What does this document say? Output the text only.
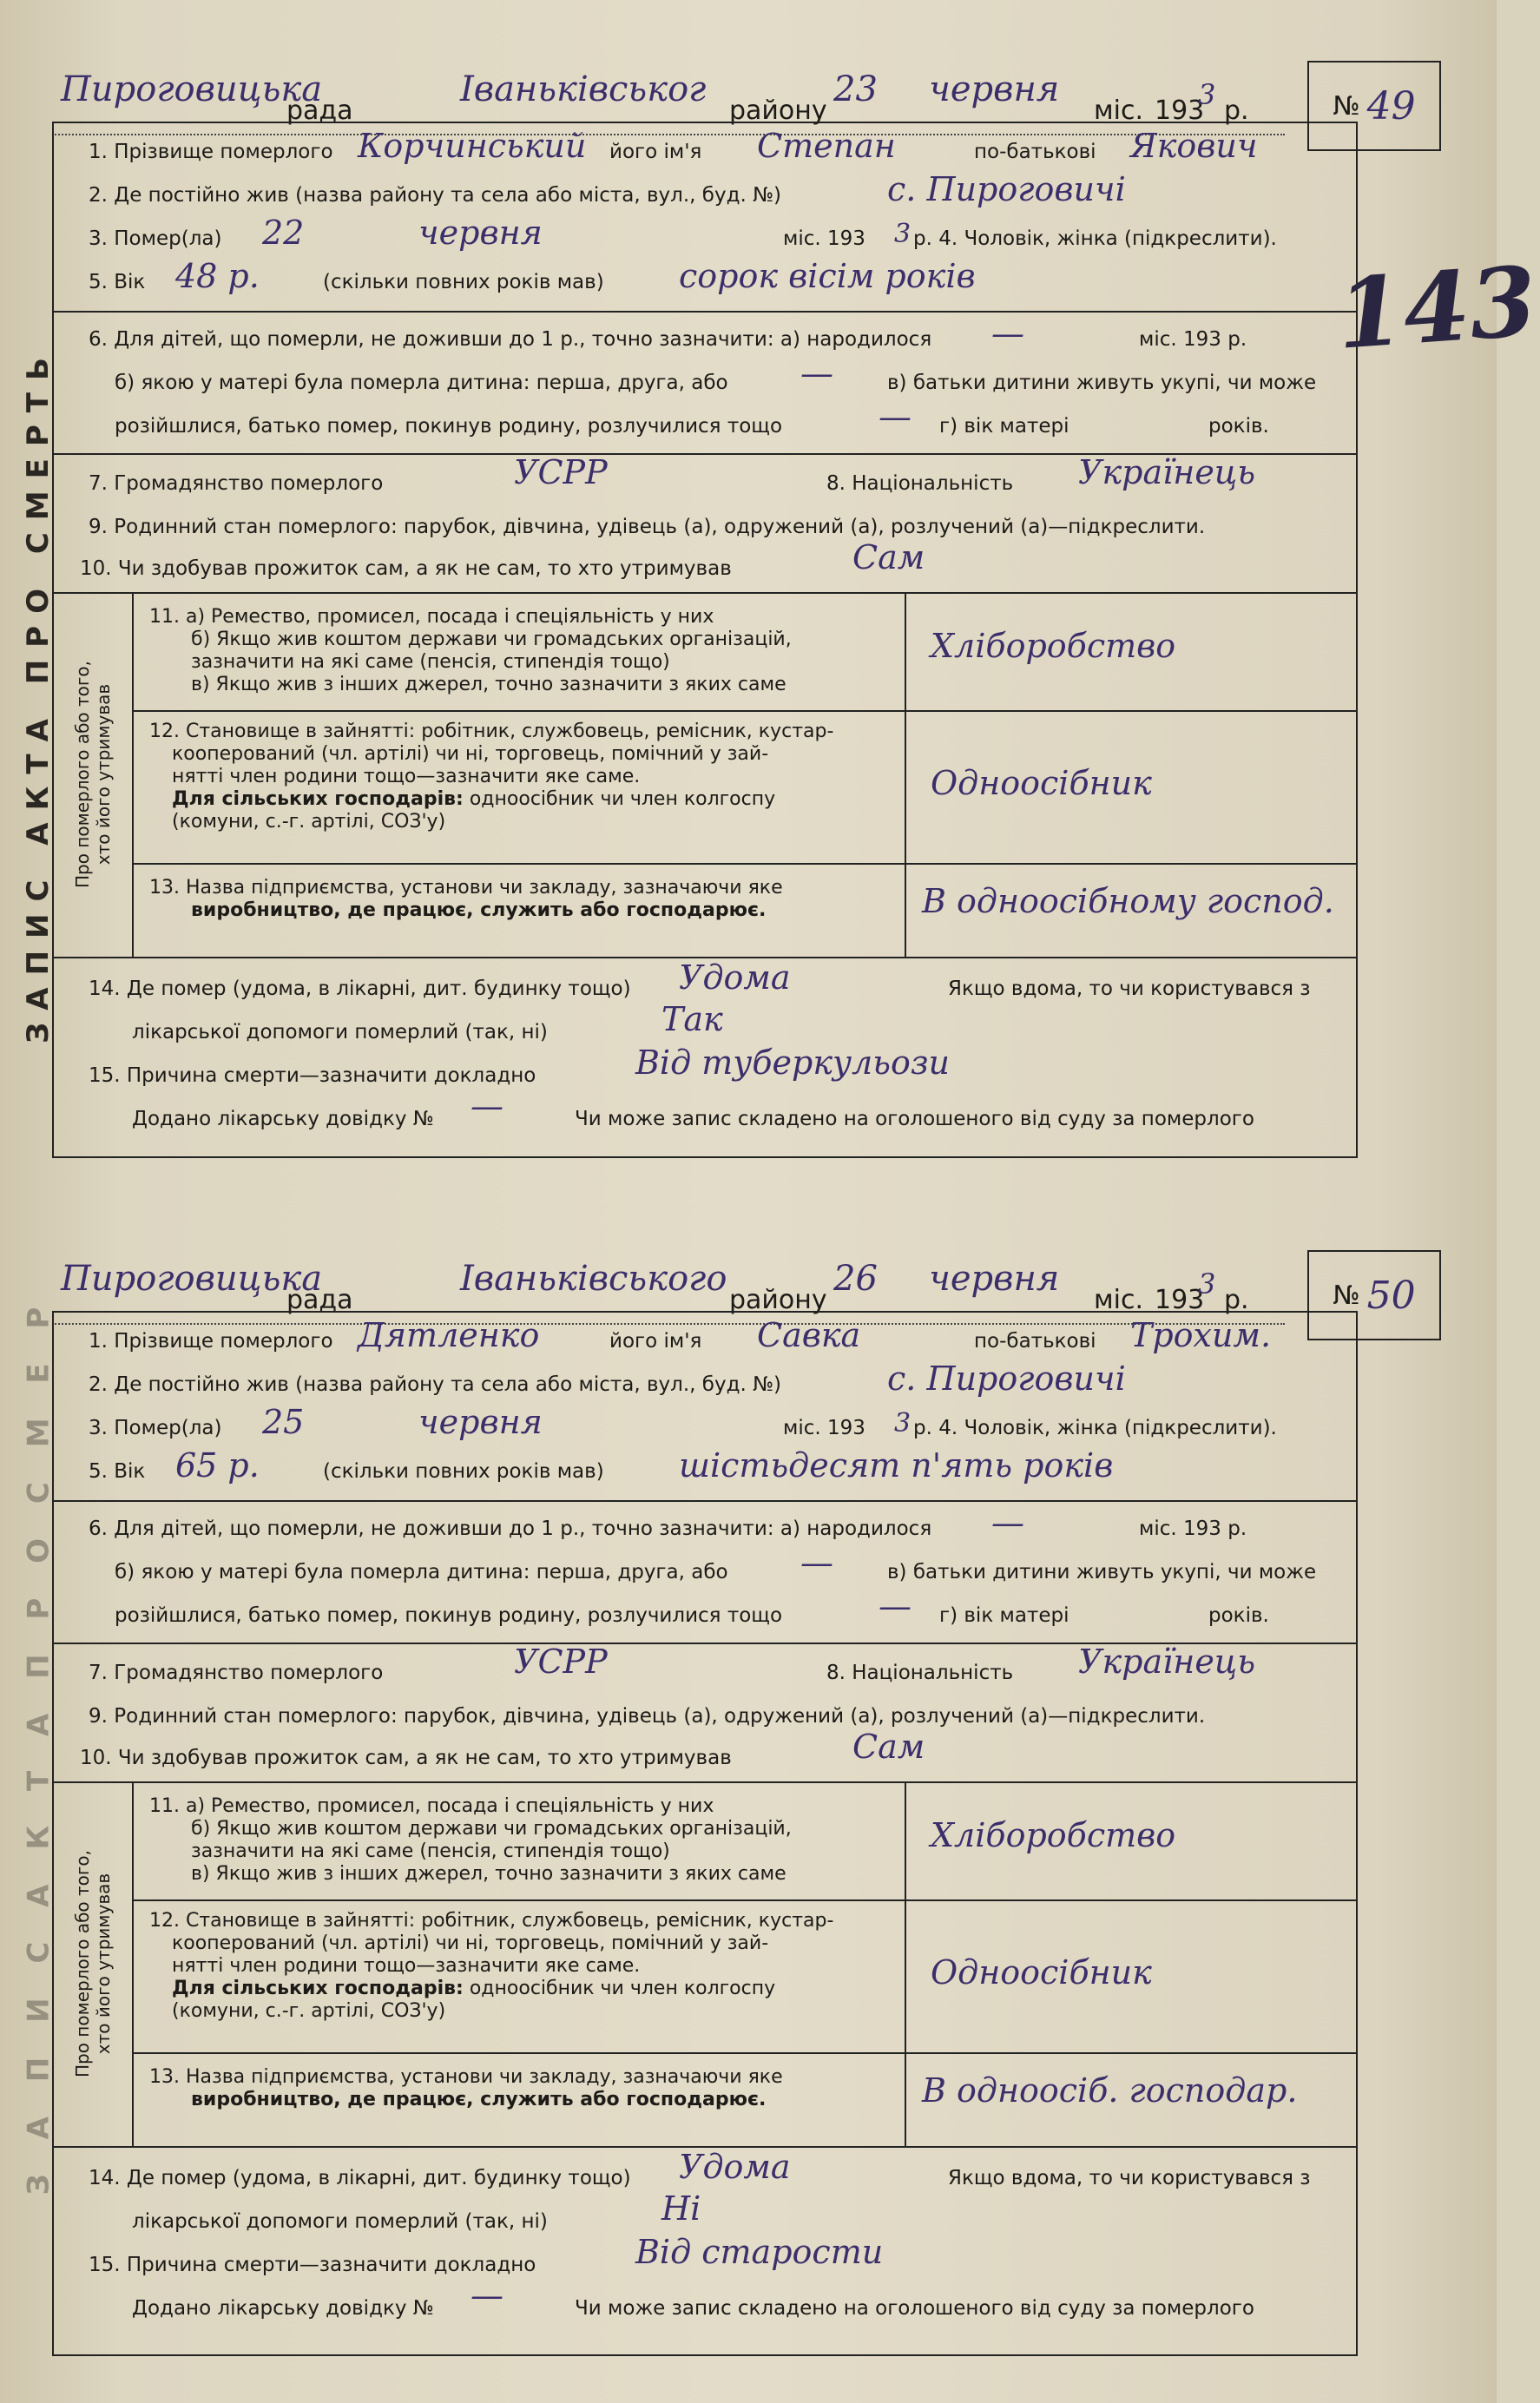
ЗАПИС АКТА ПРО СМЕРТЬ
З А П И С А К Т А П Р О С М Е Р
Пироговицька
рада
Іваньківськог
району
23 червня
міс. 193
3 р.	№ 49
1. Прізвище померлого Корчинський його ім'я Степан	по-батькові Якович
2. Де постійно жив (назва району та села або міста, вул., буд. №)	с. Пироговичі
3. Помер(ла) 22	червня	міс. 193 3 р. 4. Чоловік, жінка (підкреслити).
5. Вік 48 р.	(скільки повних років мав) сорок вісім років
6. Для дітей, що померли, не доживши до 1 р., точно зазначити: а) народилося —	міс. 193 р.
б) якою у матері була померла дитина: перша, друга, або —	в) батьки дитини живуть укупі, чи може
розійшлися, батько помер, покинув родину, розлучилися тощо	— г) вік матері	років.
7. Громадянство померлого	УСРР	8. Національність Українець
9. Родинний стан померлого: парубок, дівчина, удівець (а), одружений (а), розлучений (а)—підкреслити.
10. Чи здобував прожиток сам, а як не сам, то хто утримував	Сам
Про померлого або того,
хто його утримував
11. а) Ремество, промисел, посада і спеціяльність у них
б) Якщо жив коштом держави чи громадських організацій,
зазначити на які саме (пенсія, стипендія тощо)
в) Якщо жив з інших джерел, точно зазначити з яких саме
Хліборобство
12. Становище в зайнятті: робітник, службовець, ремісник, кустар-
кооперований (чл. артілі) чи ні, торговець, помічний у зай-
нятті член родини тощо—зазначити яке саме.
Для сільських господарів: одноосібник чи член колгоспу
(комуни, с.-г. артілі, СОЗ'у)
Одноосібник
13. Назва підприємства, установи чи закладу, зазначаючи яке
виробництво, де працює, служить або господарює.	В одноосібному господ.
14. Де помер (удома, в лікарні, дит. будинку тощо) Удома	Якщо вдома, то чи користувався з
лікарської допомоги померлий (так, ні)	Так
15. Причина смерти—зазначити докладно	Від туберкульози
Додано лікарську довідку № —	Чи може запис складено на оголошеного від суду за померлого
143
Пироговицька
рада
Іваньківського
району
26 червня
міс. 193
3 р.	№ 50
1. Прізвище померлого Дятленко	його ім'я Савка	по-батькові Трохим.
2. Де постійно жив (назва району та села або міста, вул., буд. №)	с. Пироговичі
3. Помер(ла) 25	червня	міс. 193 3 р. 4. Чоловік, жінка (підкреслити).
5. Вік 65 р.	(скільки повних років мав) шістьдесят п'ять років
6. Для дітей, що померли, не доживши до 1 р., точно зазначити: а) народилося —	міс. 193 р.
б) якою у матері була померла дитина: перша, друга, або —	в) батьки дитини живуть укупі, чи може
розійшлися, батько помер, покинув родину, розлучилися тощо	— г) вік матері	років.
7. Громадянство померлого	УСРР	8. Національність Українець
9. Родинний стан померлого: парубок, дівчина, удівець (а), одружений (а), розлучений (а)—підкреслити.
10. Чи здобував прожиток сам, а як не сам, то хто утримував	Сам
Про померлого або того,
хто його утримував
11. а) Ремество, промисел, посада і спеціяльність у них
б) Якщо жив коштом держави чи громадських організацій,
зазначити на які саме (пенсія, стипендія тощо)
в) Якщо жив з інших джерел, точно зазначити з яких саме
Хліборобство
12. Становище в зайнятті: робітник, службовець, ремісник, кустар-
кооперований (чл. артілі) чи ні, торговець, помічний у зай-
нятті член родини тощо—зазначити яке саме.
Для сільських господарів: одноосібник чи член колгоспу
(комуни, с.-г. артілі, СОЗ'у)
Одноосібник
13. Назва підприємства, установи чи закладу, зазначаючи яке
виробництво, де працює, служить або господарює.	В одноосіб. господар.
14. Де помер (удома, в лікарні, дит. будинку тощо) Удома	Якщо вдома, то чи користувався з
лікарської допомоги померлий (так, ні)	Ні
15. Причина смерти—зазначити докладно	Від старости
Додано лікарську довідку № —	Чи може запис складено на оголошеного від суду за померлого
